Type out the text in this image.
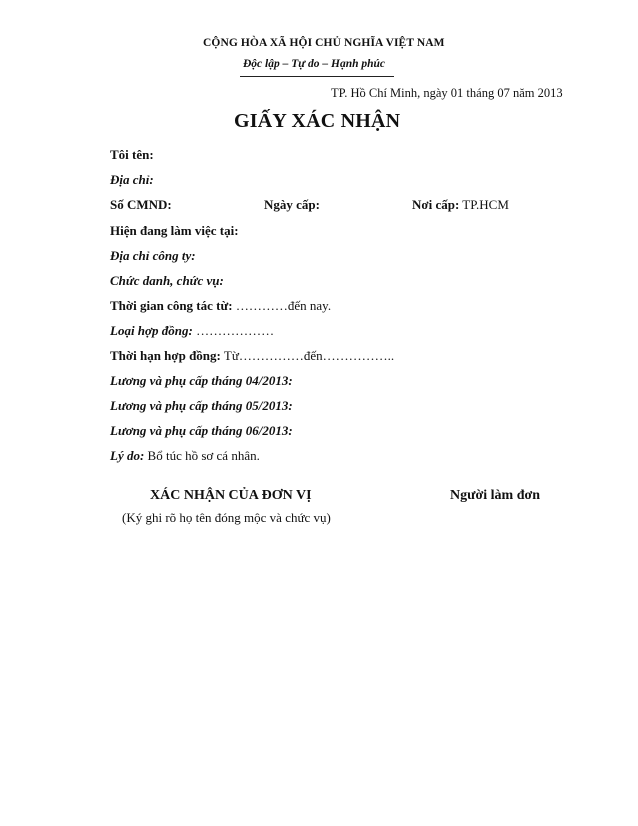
CỘNG HÒA XÃ HỘI CHỦ NGHĨA VIỆT NAM
Độc lập – Tự do – Hạnh phúc
TP. Hồ Chí Minh, ngày 01 tháng 07 năm 2013
GIẤY XÁC NHẬN
Tôi tên:
Địa chỉ:
Số CMND:	Ngày cấp:	Nơi cấp: TP.HCM
Hiện đang làm việc tại:
Địa chỉ công ty:
Chức danh, chức vụ:
Thời gian công tác từ: …………đến nay.
Loại hợp đồng: ………………
Thời hạn hợp đồng: Từ……………đến……………..
Lương và phụ cấp tháng 04/2013:
Lương và phụ cấp tháng 05/2013:
Lương và phụ cấp tháng 06/2013:
Lý do: Bổ túc hồ sơ cá nhân.
XÁC NHẬN CỦA ĐƠN VỊ
(Ký ghi rõ họ tên đóng mộc và chức vụ)
Người làm đơn
